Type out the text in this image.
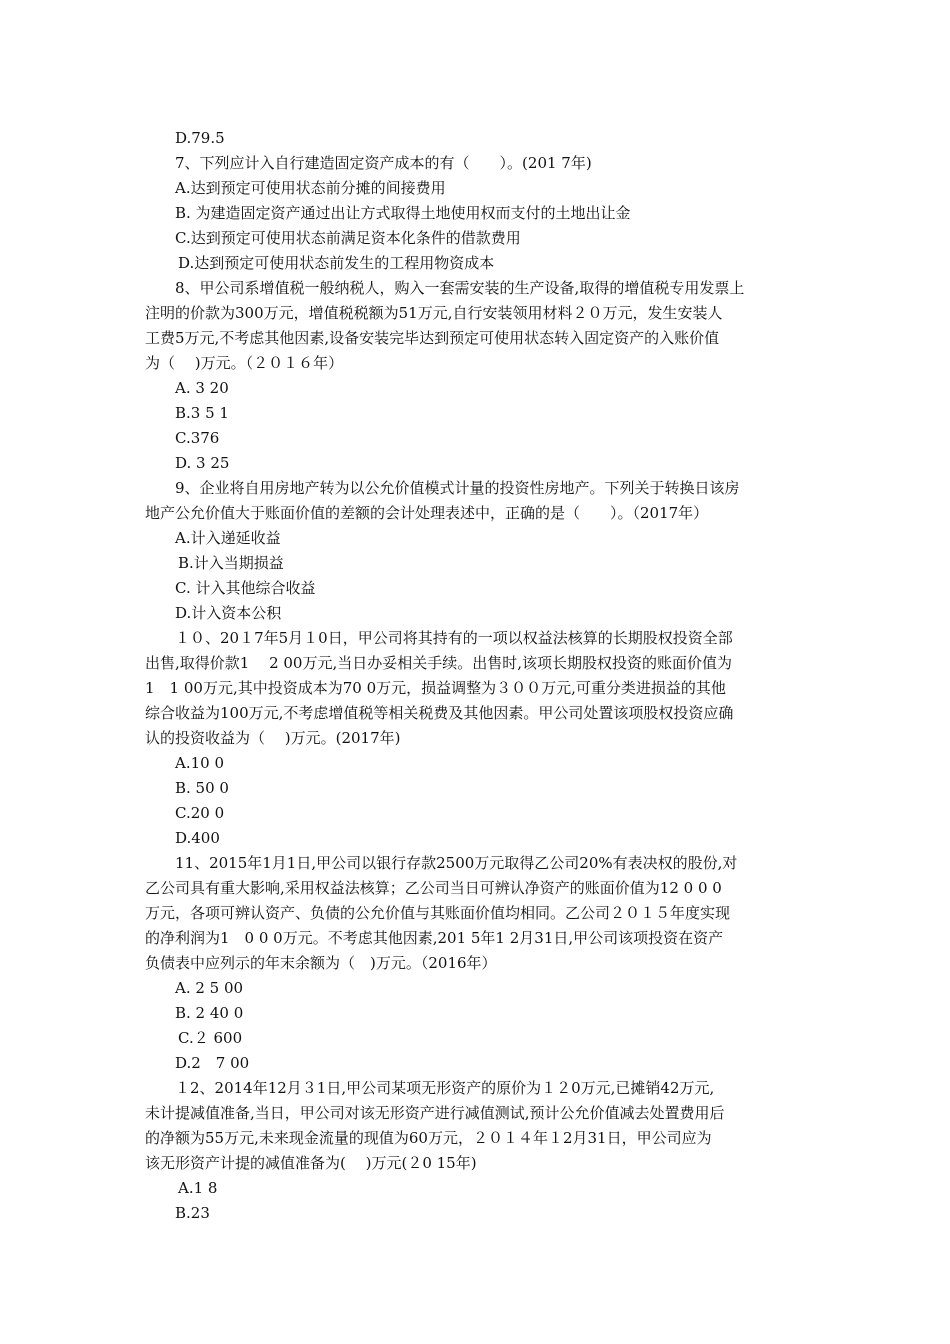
D.79.5

7、下列应计入自行建造固定资产成本的有（　　）。(201 7年)

A.达到预定可使用状态前分摊的间接费用

B. 为建造固定资产通过出让方式取得土地使用权而支付的土地出让金

C.达到预定可使用状态前满足资本化条件的借款费用

D.达到预定可使用状态前发生的工程用物资成本

8、甲公司系增值税一般纳税人，购入一套需安装的生产设备,取得的增值税专用发票上

注明的价款为300万元，增值税税额为51万元,自行安装领用材料２０万元，发生安装人

工费5万元,不考虑其他因素,设备安装完毕达到预定可使用状态转入固定资产的入账价值

为（　 )万元。（２０１６年）

A. 3 20

B.3 5 1

C.376

D. 3 25

9、企业将自用房地产转为以公允价值模式计量的投资性房地产。下列关于转换日该房

地产公允价值大于账面价值的差额的会计处理表述中，正确的是（　　）。（2017年）

A.计入递延收益

B.计入当期损益

C. 计入其他综合收益

D.计入资本公积

１０、20１7年5月１0日，甲公司将其持有的一项以权益法核算的长期股权投资全部

出售,取得价款1　 2 00万元,当日办妥相关手续。出售时,该项长期股权投资的账面价值为

1　1 00万元,其中投资成本为70 0万元，损益调整为３００万元,可重分类进损益的其他

综合收益为100万元,不考虑增值税等相关税费及其他因素。甲公司处置该项股权投资应确

认的投资收益为（　 )万元。(2017年)

A.10 0

B. 50 0

C.20 0

D.400

11、2015年1月1日,甲公司以银行存款2500万元取得乙公司20%有表决权的股份,对

乙公司具有重大影响,采用权益法核算；乙公司当日可辨认净资产的账面价值为12 0 0 0

万元，各项可辨认资产、负债的公允价值与其账面价值均相同。乙公司２０１５年度实现

的净利润为1　0 0 0万元。不考虑其他因素,201 5年1 2月31日,甲公司该项投资在资产

负债表中应列示的年末余额为（　)万元。（2016年）

A. 2 5 00

B. 2 40 0

C.２ 600

D.2　7 00

１2、2014年12月３1日,甲公司某项无形资产的原价为１２0万元,已摊销42万元,

未计提减值准备,当日，甲公司对该无形资产进行减值测试,预计公允价值减去处置费用后

的净额为55万元,未来现金流量的现值为60万元，２０１４年１2月31日，甲公司应为

该无形资产计提的减值准备为(　 )万元(２0 15年)

A.1 8

B.23
